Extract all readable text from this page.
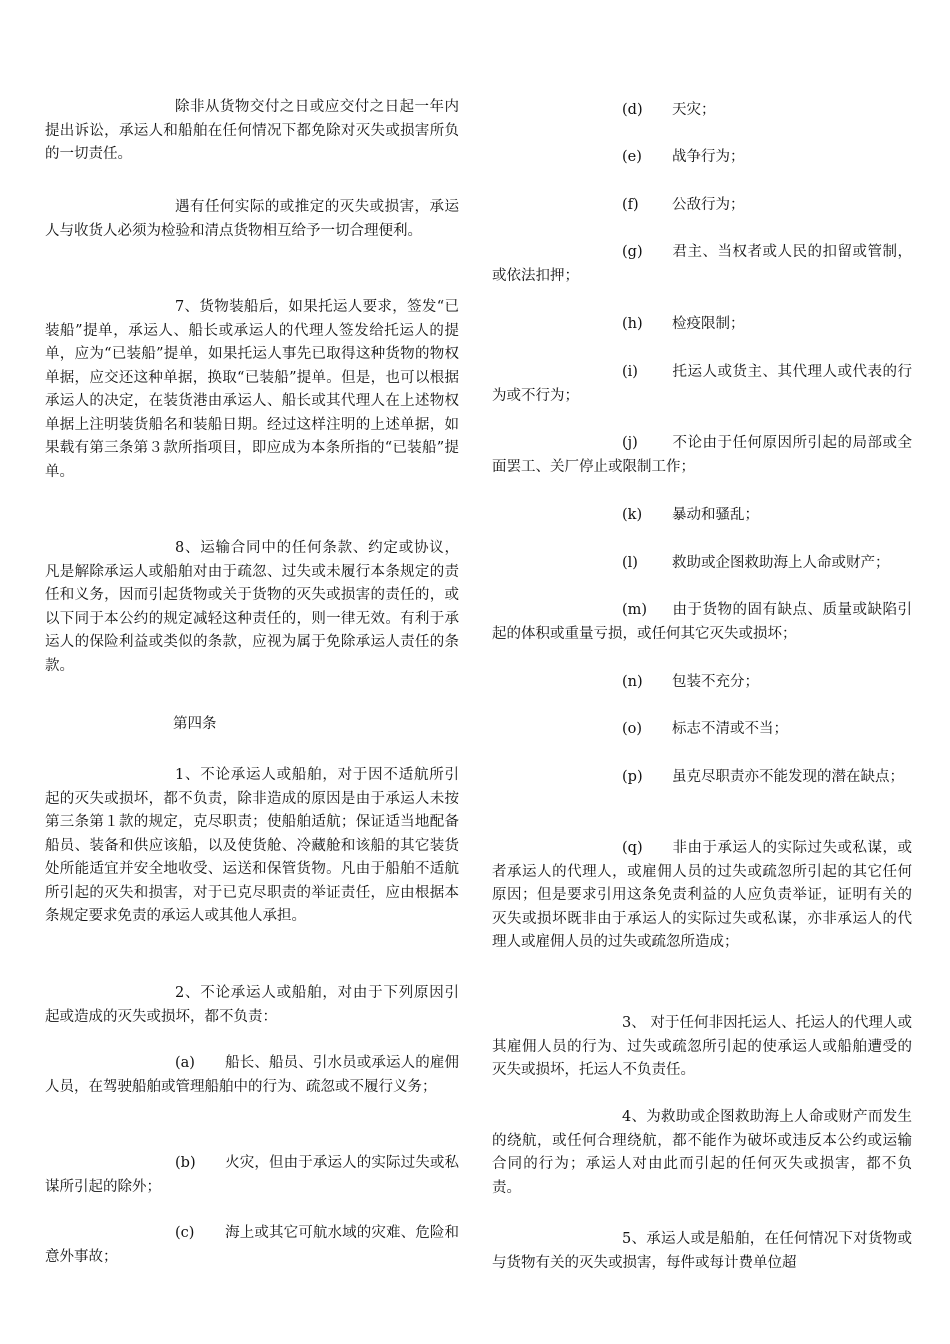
除非从货物交付之日或应交付之日起一年内提出诉讼，承运人和船舶在任何情况下都免除对灭失或损害所负的一切责任。

遇有任何实际的或推定的灭失或损害，承运人与收货人必须为检验和清点货物相互给予一切合理便利。

7、货物装船后，如果托运人要求，签发“已装船”提单，承运人、船长或承运人的代理人签发给托运人的提单，应为“已装船”提单，如果托运人事先已取得这种货物的物权单据，应交还这种单据，换取“已装船”提单。但是，也可以根据承运人的决定，在装货港由承运人、船长或其代理人在上述物权单据上注明装货船名和装船日期。经过这样注明的上述单据，如果载有第三条第３款所指项目，即应成为本条所指的“已装船”提单。

8、运输合同中的任何条款、约定或协议，凡是解除承运人或船舶对由于疏忽、过失或未履行本条规定的责任和义务，因而引起货物或关于货物的灭失或损害的责任的，或以下同于本公约的规定减轻这种责任的，则一律无效。有利于承运人的保险利益或类似的条款，应视为属于免除承运人责任的条款。

第四条

1、不论承运人或船舶，对于因不适航所引起的灭失或损坏，都不负责，除非造成的原因是由于承运人未按第三条第１款的规定，克尽职责；使船舶适航；保证适当地配备船员、装备和供应该船，以及使货舱、冷藏舱和该船的其它装货处所能适宜并安全地收受、运送和保管货物。凡由于船舶不适航所引起的灭失和损害，对于已克尽职责的举证责任，应由根据本条规定要求免责的承运人或其他人承担。

2、不论承运人或船舶，对由于下列原因引起或造成的灭失或损坏，都不负责：

(a) 船长、船员、引水员或承运人的雇佣人员，在驾驶船舶或管理船舶中的行为、疏忽或不履行义务；

(b) 火灾，但由于承运人的实际过失或私谋所引起的除外；

(c) 海上或其它可航水域的灾难、危险和意外事故；

(d) 天灾；

(e) 战争行为；

(f) 公敌行为；

(g) 君主、当权者或人民的扣留或管制，或依法扣押；

(h) 检疫限制；

(i) 托运人或货主、其代理人或代表的行为或不行为；

(j) 不论由于任何原因所引起的局部或全面罢工、关厂停止或限制工作；

(k) 暴动和骚乱；

(l) 救助或企图救助海上人命或财产；

(m) 由于货物的固有缺点、质量或缺陷引起的体积或重量亏损，或任何其它灭失或损坏；

(n) 包装不充分；

(o) 标志不清或不当；

(p) 虽克尽职责亦不能发现的潜在缺点；

(q) 非由于承运人的实际过失或私谋，或者承运人的代理人，或雇佣人员的过失或疏忽所引起的其它任何原因；但是要求引用这条免责利益的人应负责举证，证明有关的灭失或损坏既非由于承运人的实际过失或私谋，亦非承运人的代理人或雇佣人员的过失或疏忽所造成；

3、 对于任何非因托运人、托运人的代理人或其雇佣人员的行为、过失或疏忽所引起的使承运人或船舶遭受的灭失或损坏，托运人不负责任。

4、为救助或企图救助海上人命或财产而发生的绕航，或任何合理绕航，都不能作为破坏或违反本公约或运输合同的行为；承运人对由此而引起的任何灭失或损害，都不负责。

5、承运人或是船舶，在任何情况下对货物或与货物有关的灭失或损害，每件或每计费单位超
